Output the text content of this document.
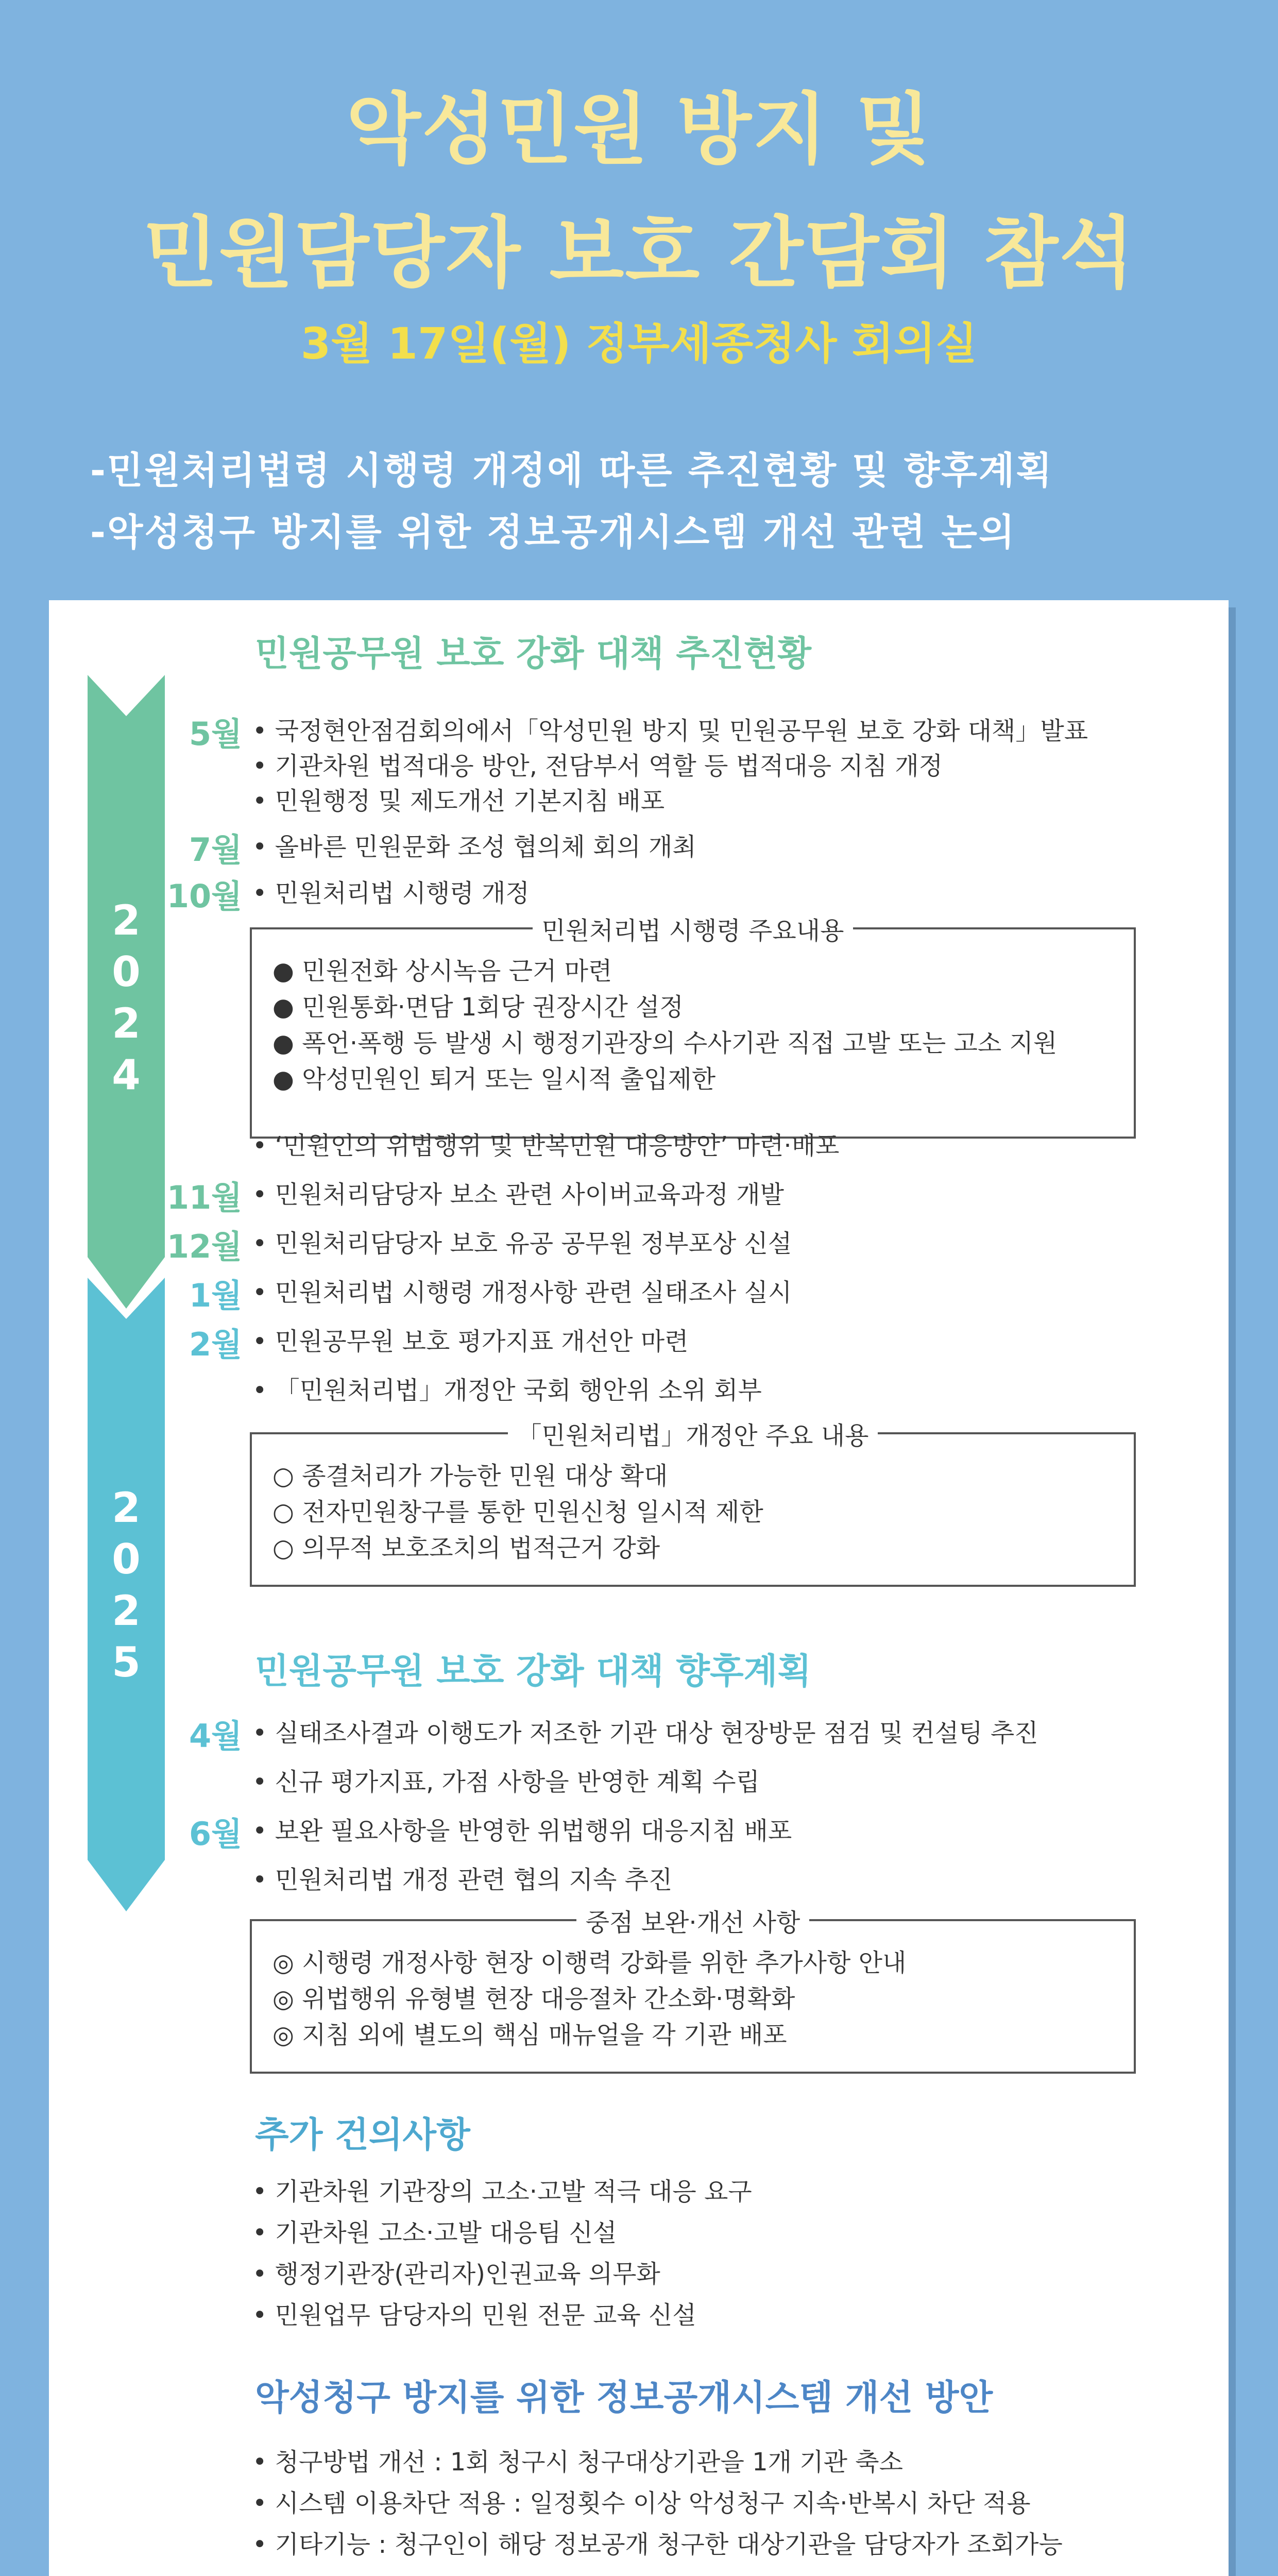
악성민원 방지 및
민원담당자 보호 간담회 참석
3월 17일(월) 정부세종청사 회의실
-민원처리법령 시행령 개정에 따른 추진현황 및 향후계획
-악성청구 방지를 위한 정보공개시스템 개선 관련 논의
2
0
2
4
2
0
2
5
민원공무원 보호 강화 대책 추진현황
5월 • 국정현안점검회의에서「악성민원 방지 및 민원공무원 보호 강화 대책」발표
• 기관차원 법적대응 방안, 전담부서 역할 등 법적대응 지침 개정
• 민원행정 및 제도개선 기본지침 배포
7월 • 올바른 민원문화 조성 협의체 회의 개최
10월 • 민원처리법 시행령 개정
민원처리법 시행령 주요내용
● 민원전화 상시녹음 근거 마련
● 민원통화·면담 1회당 권장시간 설정
● 폭언·폭행 등 발생 시 행정기관장의 수사기관 직접 고발 또는 고소 지원
● 악성민원인 퇴거 또는 일시적 출입제한
• ‘민원인의 위법행위 및 반복민원 대응방안’ 마련·배포
11월 • 민원처리담당자 보소 관련 사이버교육과정 개발
12월 • 민원처리담당자 보호 유공 공무원 정부포상 신설
1월 • 민원처리법 시행령 개정사항 관련 실태조사 실시
2월 • 민원공무원 보호 평가지표 개선안 마련
• 「민원처리법」개정안 국회 행안위 소위 회부
「민원처리법」개정안 주요 내용
○ 종결처리가 가능한 민원 대상 확대
○ 전자민원창구를 통한 민원신청 일시적 제한
○ 의무적 보호조치의 법적근거 강화
민원공무원 보호 강화 대책 향후계획
4월 • 실태조사결과 이행도가 저조한 기관 대상 현장방문 점검 및 컨설팅 추진
• 신규 평가지표, 가점 사항을 반영한 계획 수립
6월 • 보완 필요사항을 반영한 위법행위 대응지침 배포
• 민원처리법 개정 관련 협의 지속 추진
중점 보완·개선 사항
◎ 시행령 개정사항 현장 이행력 강화를 위한 추가사항 안내
◎ 위법행위 유형별 현장 대응절차 간소화·명확화
◎ 지침 외에 별도의 핵심 매뉴얼을 각 기관 배포
추가 건의사항
• 기관차원 기관장의 고소·고발 적극 대응 요구
• 기관차원 고소·고발 대응팀 신설
• 행정기관장(관리자)인권교육 의무화
• 민원업무 담당자의 민원 전문 교육 신설
악성청구 방지를 위한 정보공개시스템 개선 방안
• 청구방법 개선 : 1회 청구시 청구대상기관을 1개 기관 축소
• 시스템 이용차단 적용 : 일정횟수 이상 악성청구 지속·반복시 차단 적용
• 기타기능 : 청구인이 해당 정보공개 청구한 대상기관을 담당자가 조회가능
